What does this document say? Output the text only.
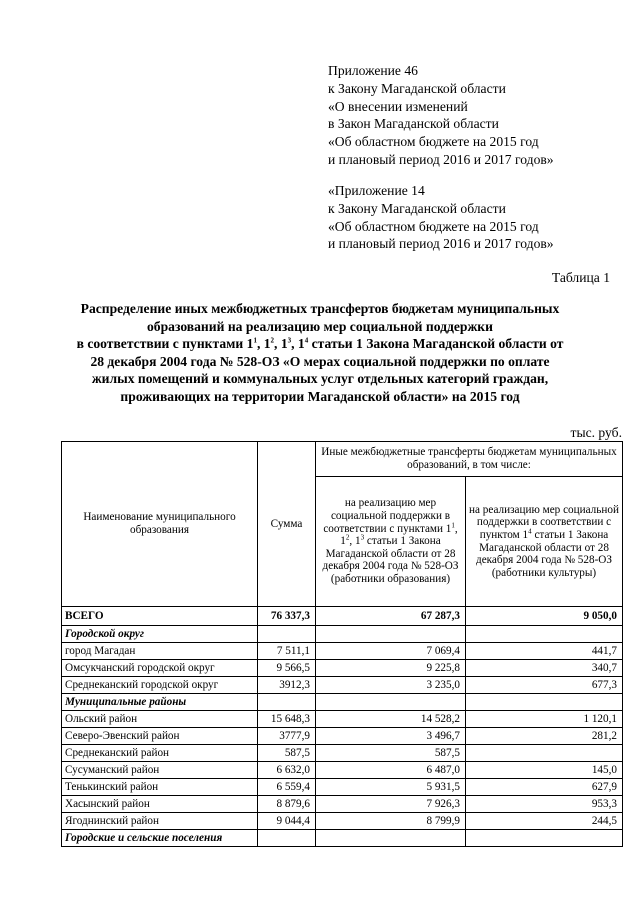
Приложение 46
к Закону Магаданской области
«О внесении изменений
в Закон Магаданской области
«Об областном бюджете на 2015 год
и плановый период 2016 и 2017 годов»
«Приложение 14
к Закону Магаданской области
«Об областном бюджете на 2015 год
и плановый период 2016 и 2017 годов»
Таблица 1
Распределение иных межбюджетных трансфертов бюджетам муниципальных
образований на реализацию мер социальной поддержки
в соответствии с пунктами $1^1$, $1^2$, $1^3$, $1^4$ статьи 1 Закона Магаданской области от
28 декабря 2004 года № 528-ОЗ «О мерах социальной поддержки по оплате
жилых помещений и коммунальных услуг отдельных категорий граждан,
проживающих на территории Магаданской области» на 2015 год
тыс. руб.
Наименование муниципального образования	Сумма	Иные межбюджетные трансферты бюджетам муниципальных образований, в том числе:	
		на реализацию мер социальной поддержки в соответствии с пунктами $1^1$, $1^2$, $1^3$ статьи 1 Закона Магаданской области от 28 декабря 2004 года № 528-ОЗ (работники образования)	на реализацию мер социальной поддержки в соответствии с пунктом $1^4$ статьи 1 Закона Магаданской области от 28 декабря 2004 года № 528-ОЗ (работники культуры)
ВСЕГО	76 337,3	67 287,3	9 050,0
Городской округ			
город Магадан	7 511,1	7 069,4	441,7
Омсукчанский городской округ	9 566,5	9 225,8	340,7
Среднеканский городской округ	3912,3	3 235,0	677,3
Муниципальные районы			
Ольский район	15 648,3	14 528,2	1 120,1
Северо-Эвенский район	3777,9	3 496,7	281,2
Среднеканский район	587,5	587,5	
Сусуманский район	6 632,0	6 487,0	145,0
Тенькинский район	6 559,4	5 931,5	627,9
Хасынский район	8 879,6	7 926,3	953,3
Ягоднинский район	9 044,4	8 799,9	244,5
Городские и сельские поселения			
